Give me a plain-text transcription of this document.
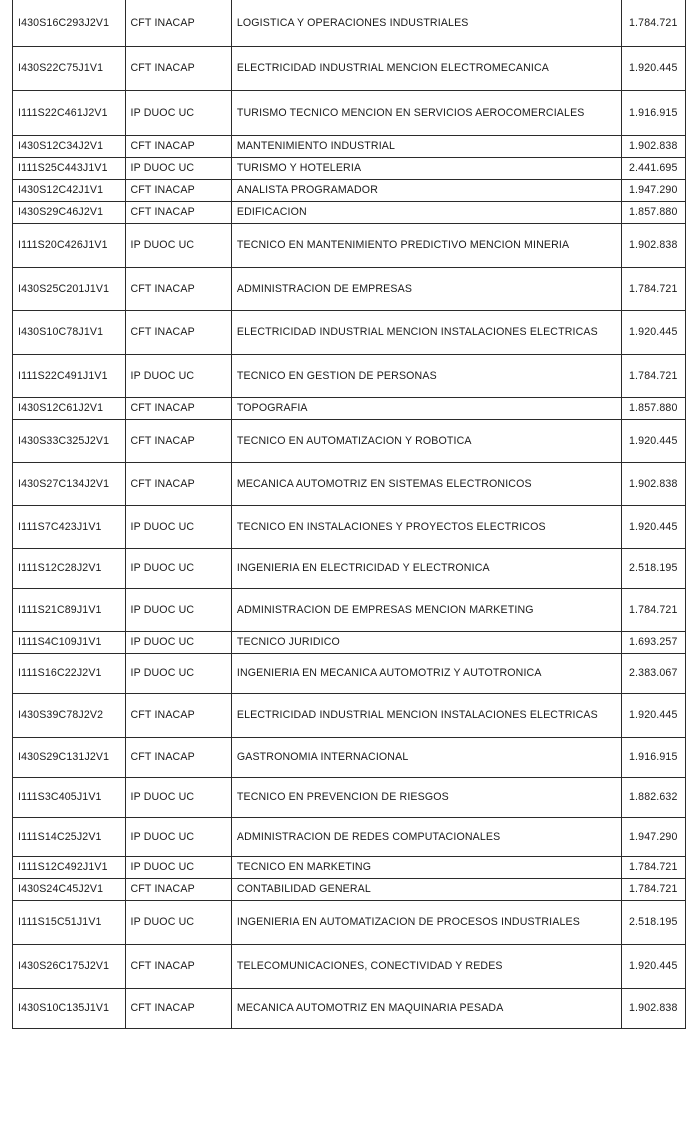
I430S16C293J2V1	CFT INACAP	LOGISTICA Y OPERACIONES INDUSTRIALES	1.784.721
I430S22C75J1V1	CFT INACAP	ELECTRICIDAD INDUSTRIAL MENCION ELECTROMECANICA	1.920.445
I111S22C461J2V1	IP DUOC UC	TURISMO TECNICO MENCION EN SERVICIOS AEROCOMERCIALES	1.916.915
I430S12C34J2V1	CFT INACAP	MANTENIMIENTO INDUSTRIAL	1.902.838
I111S25C443J1V1	IP DUOC UC	TURISMO Y HOTELERIA	2.441.695
I430S12C42J1V1	CFT INACAP	ANALISTA PROGRAMADOR	1.947.290
I430S29C46J2V1	CFT INACAP	EDIFICACION	1.857.880
I111S20C426J1V1	IP DUOC UC	TECNICO EN MANTENIMIENTO PREDICTIVO MENCION MINERIA	1.902.838
I430S25C201J1V1	CFT INACAP	ADMINISTRACION DE EMPRESAS	1.784.721
I430S10C78J1V1	CFT INACAP	ELECTRICIDAD INDUSTRIAL MENCION INSTALACIONES ELECTRICAS	1.920.445
I111S22C491J1V1	IP DUOC UC	TECNICO EN GESTION DE PERSONAS	1.784.721
I430S12C61J2V1	CFT INACAP	TOPOGRAFIA	1.857.880
I430S33C325J2V1	CFT INACAP	TECNICO EN AUTOMATIZACION Y ROBOTICA	1.920.445
I430S27C134J2V1	CFT INACAP	MECANICA AUTOMOTRIZ EN SISTEMAS ELECTRONICOS	1.902.838
I111S7C423J1V1	IP DUOC UC	TECNICO EN INSTALACIONES Y PROYECTOS ELECTRICOS	1.920.445
I111S12C28J2V1	IP DUOC UC	INGENIERIA EN ELECTRICIDAD Y ELECTRONICA	2.518.195
I111S21C89J1V1	IP DUOC UC	ADMINISTRACION DE EMPRESAS MENCION MARKETING	1.784.721
I111S4C109J1V1	IP DUOC UC	TECNICO JURIDICO	1.693.257
I111S16C22J2V1	IP DUOC UC	INGENIERIA EN MECANICA AUTOMOTRIZ Y AUTOTRONICA	2.383.067
I430S39C78J2V2	CFT INACAP	ELECTRICIDAD INDUSTRIAL MENCION INSTALACIONES ELECTRICAS	1.920.445
I430S29C131J2V1	CFT INACAP	GASTRONOMIA INTERNACIONAL	1.916.915
I111S3C405J1V1	IP DUOC UC	TECNICO EN PREVENCION DE RIESGOS	1.882.632
I111S14C25J2V1	IP DUOC UC	ADMINISTRACION DE REDES COMPUTACIONALES	1.947.290
I111S12C492J1V1	IP DUOC UC	TECNICO EN MARKETING	1.784.721
I430S24C45J2V1	CFT INACAP	CONTABILIDAD GENERAL	1.784.721
I111S15C51J1V1	IP DUOC UC	INGENIERIA EN AUTOMATIZACION DE PROCESOS INDUSTRIALES	2.518.195
I430S26C175J2V1	CFT INACAP	TELECOMUNICACIONES, CONECTIVIDAD Y REDES	1.920.445
I430S10C135J1V1	CFT INACAP	MECANICA AUTOMOTRIZ EN MAQUINARIA PESADA	1.902.838
